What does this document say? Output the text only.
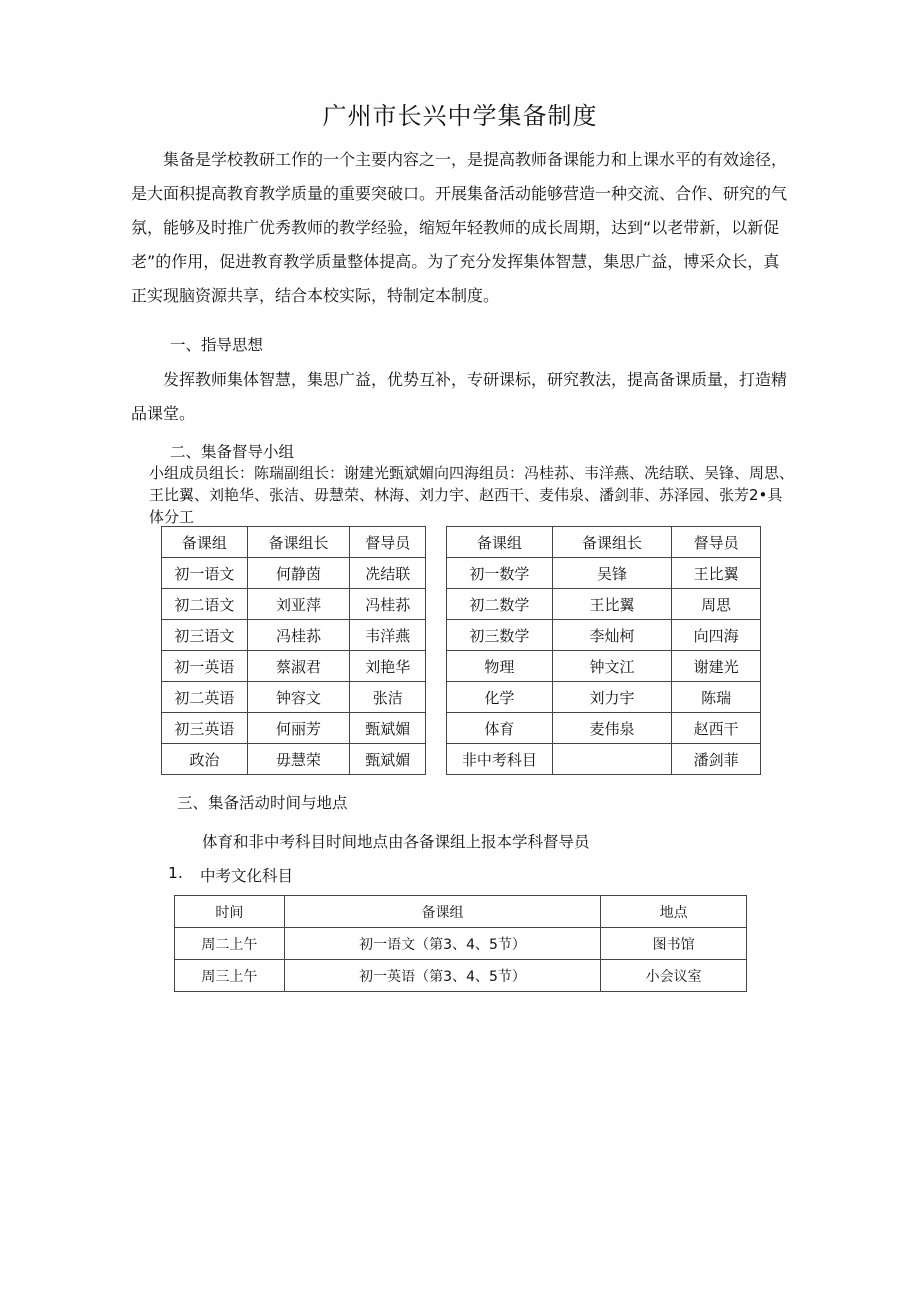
广州市长兴中学集备制度

集备是学校教研工作的一个主要内容之一，是提高教师备课能力和上课水平的有效途径，是大面积提高教育教学质量的重要突破口。开展集备活动能够营造一种交流、合作、研究的气氛，能够及时推广优秀教师的教学经验，缩短年轻教师的成长周期，达到“以老带新，以新促老”的作用，促进教育教学质量整体提高。为了充分发挥集体智慧，集思广益，博采众长，真正实现脑资源共享，结合本校实际，特制定本制度。

一、指导思想

发挥教师集体智慧，集思广益，优势互补，专研课标，研究教法，提高备课质量，打造精品课堂。

二、集备督导小组
小组成员组长：陈瑞副组长：谢建光甄斌媚向四海组员：冯桂荪、韦洋燕、冼结联、吴锋、周思、王比翼、刘艳华、张洁、毋慧荣、林海、刘力宇、赵西干、麦伟泉、潘剑菲、苏泽园、张芳2•具体分工
备课组	备课组长	督导员		备课组	备课组长	督导员
初一语文	何静茵	冼结联		初一数学	吴锋	王比翼
初二语文	刘亚萍	冯桂荪		初二数学	王比翼	周思
初三语文	冯桂荪	韦洋燕		初三数学	李灿柯	向四海
初一英语	蔡淑君	刘艳华		物理	钟文江	谢建光
初二英语	钟容文	张洁		化学	刘力宇	陈瑞
初三英语	何丽芳	甄斌媚		体育	麦伟泉	赵西干
政治	毋慧荣	甄斌媚		非中考科目		潘剑菲
三、集备活动时间与地点
体育和非中考科目时间地点由各备课组上报本学科督导员
1. 中考文化科目
时间	备课组	地点
周二上午	初一语文（第3、4、5节）	图书馆
周三上午	初一英语（第3、4、5节）	小会议室
